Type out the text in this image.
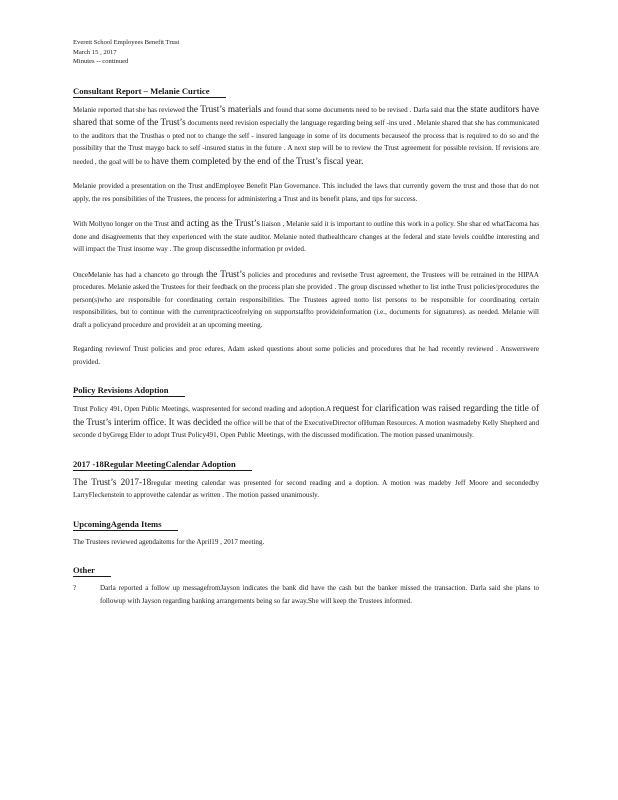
Everett School Employees Benefit Trust
March 15 , 2017
Minutes -- continued
Consultant Report – Melanie Curtice

Melanie reported that she has reviewed the Trust’s materials and found that some documents need to be revised . Darla said that the state auditors have shared that some of the Trust’s documents need revision especially the language regarding being self -ins ured . Melanie shared that she has communicated to the auditors that the Trusthas o pted not to change the self - insured language in some of its documents becauseof the process that is required to do so and the possibility that the Trust maygo back to self -insured status in the future . A next step will be to review the Trust agreement for possible revision. If revisions are needed , the goal will be to have them completed by the end of the Trust’s fiscal year.

Melanie provided a presentation on the Trust andEmployee Benefit Plan Governance. This included the laws that currently govern the trust and those that do not apply, the res ponsibilities of the Trustees, the process for administering a Trust and its benefit plans, and tips for success.

With Mollyno longer on the Trust and acting as the Trust’s liaison , Melanie said it is important to outline this work in a policy. She shar ed whatTacoma has done and disagreements that they experienced with the state auditor. Melanie noted thathealthcare changes at the federal and state levels couldbe interesting and will impact the Trust insome way . The group discussedthe information pr ovided.

OnceMelanie has had a chanceto go through the Trust’s policies and procedures and revisethe Trust agreement, the Trustees will be retrained in the HIPAA procedures. Melanie asked the Trustees for their feedback on the process plan she provided . The group discussed whether to list inthe Trust policies/procedures the person(s)who are responsible for coordinating certain responsibilities. The Trustees agreed notto list persons to be responsible for coordinating certain responsibilities, but to continue with the currentpracticeofrelying on supportstaffto provideinformation (i.e., documents for signatures). as needed. Melanie will draft a policyand procedure and provideit at an upcoming meeting.

Regarding reviewof Trust policies and proc edures, Adam asked questions about some policies and procedures that he had recently reviewed . Answerswere provided.

Policy Revisions Adoption

Trust Policy 491, Open Public Meetings, waspresented for second reading and adoption.A request for clarification was raised regarding the title of the Trust’s interim office. It was decided the office will be that of the ExecutiveDirector ofHuman Resources. A motion wasmadeby Kelly Shepherd and seconde d byGregg Elder to adopt Trust Policy491, Open Public Meetings, with the discussed modification. The motion passed unanimously.

2017 -18Regular MeetingCalendar Adoption

The Trust’s 2017-18regular meeting calendar was presented for second reading and a doption. A motion was madeby Jeff Moore and secondedby LarryFleckenstein to approvethe calendar as written . The motion passed unanimously.

UpcomingAgenda Items

The Trustees reviewed agendaitems for the April19 , 2017 meeting.

Other
?	Darla reported a follow up messagefromJayson indicates the bank did have the cash but the banker missed the transaction. Darla said she plans to followup with Jayson regarding banking arrangements being so far away.She will keep the Trustees informed.
